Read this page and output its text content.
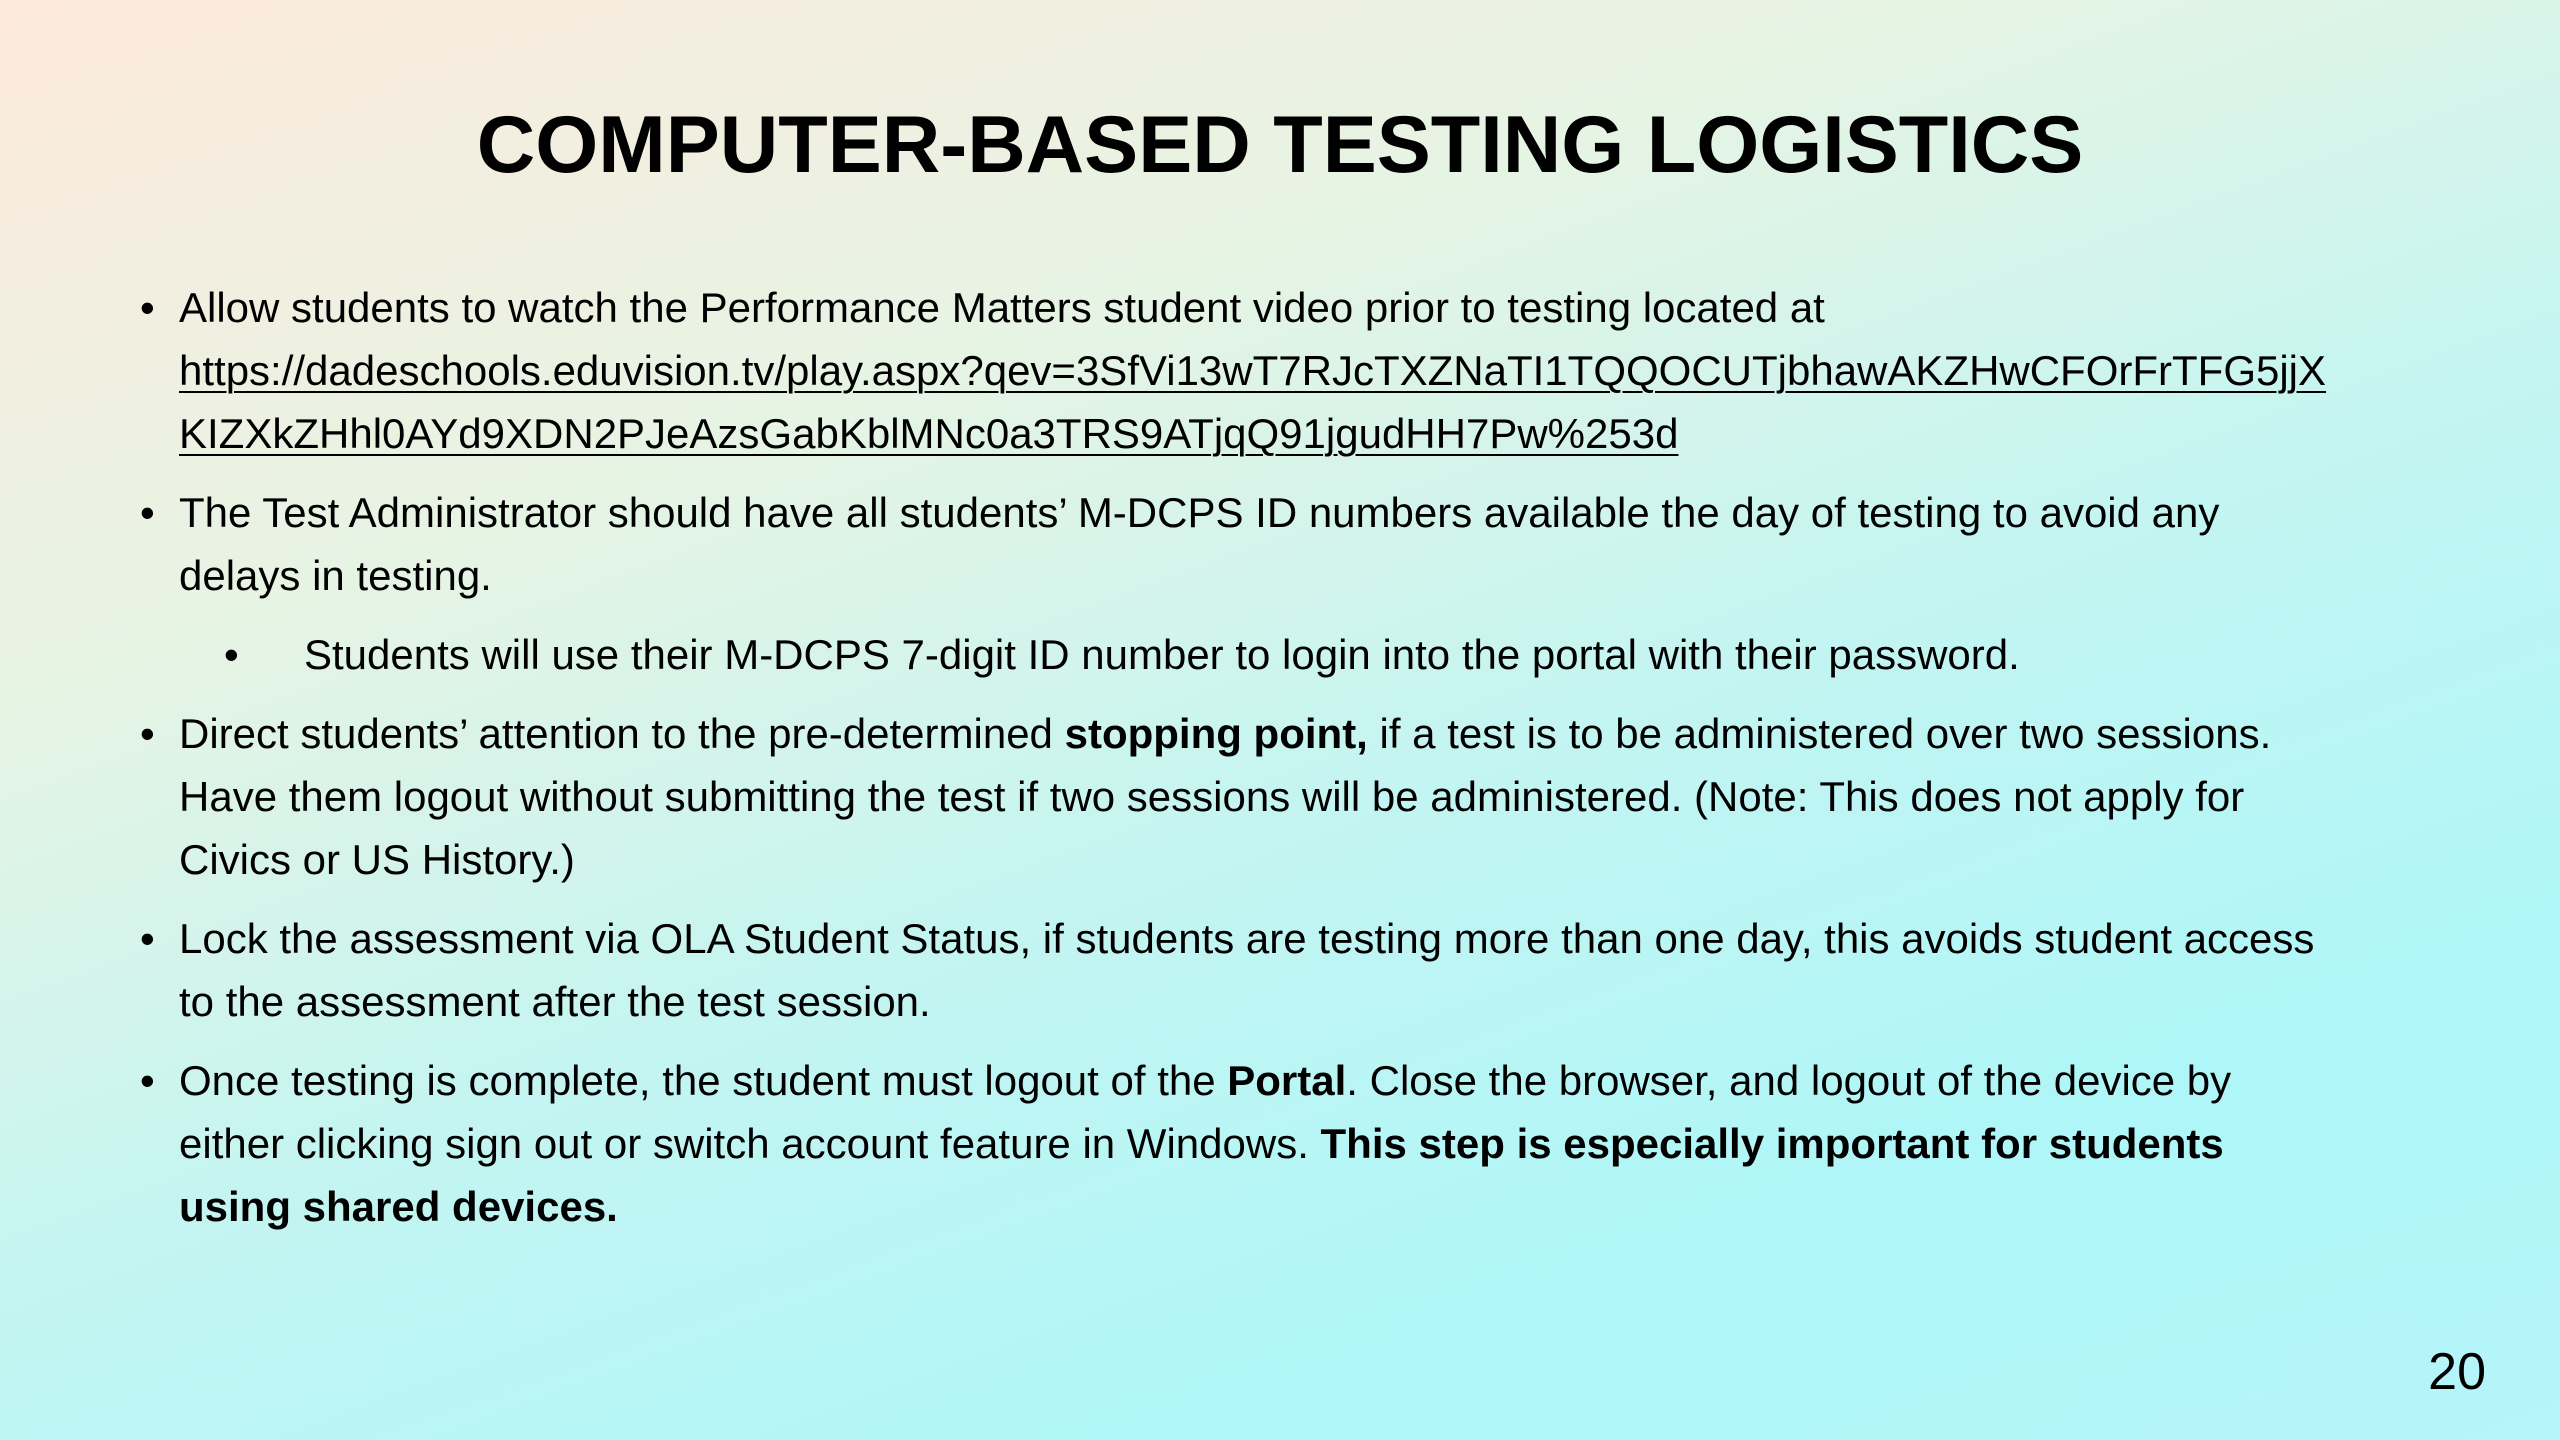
COMPUTER-BASED TESTING LOGISTICS
• Allow students to watch the Performance Matters student video prior to testing located at
https://dadeschools.eduvision.tv/play.aspx?qev=3SfVi13wT7RJcTXZNaTI1TQQOCUTjbhawAKZHwCFOrFrTFG5jjXKIZXkZHhl0AYd9XDN2PJeAzsGabKblMNc0a3TRS9ATjqQ91jgudHH7Pw%253d
• The Test Administrator should have all students’ M-DCPS ID numbers available the day of testing to avoid any delays in testing.
•	Students will use their M-DCPS 7-digit ID number to login into the portal with their password.
• Direct students’ attention to the pre-determined stopping point, if a test is to be administered over two sessions. Have them logout without submitting the test if two sessions will be administered. (Note: This does not apply for Civics or US History.)
• Lock the assessment via OLA Student Status, if students are testing more than one day, this avoids student access to the assessment after the test session.
• Once testing is complete, the student must logout of the Portal. Close the browser, and logout of the device by either clicking sign out or switch account feature in Windows. This step is especially important for students using shared devices.
20
